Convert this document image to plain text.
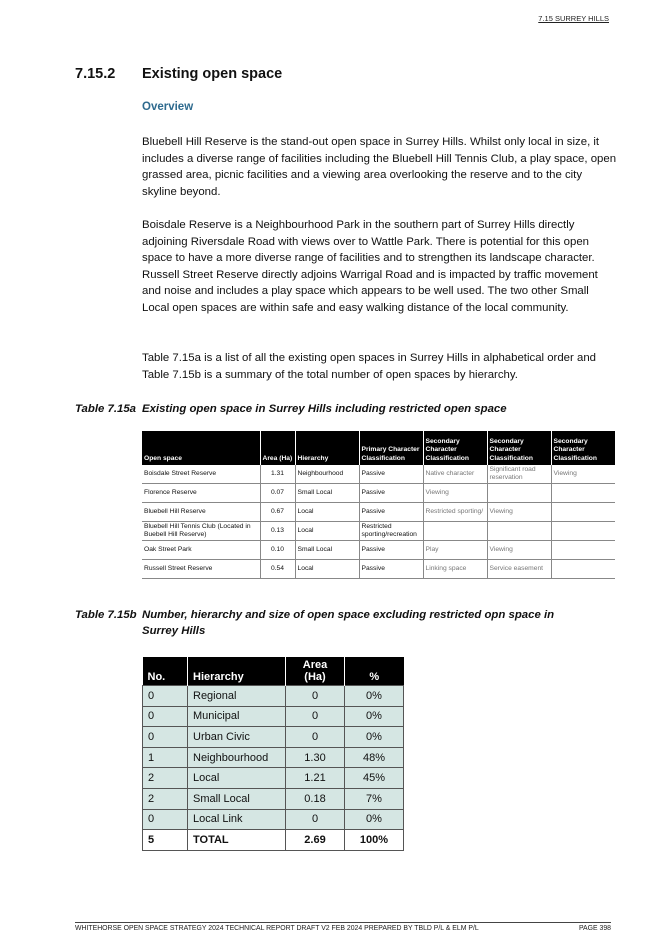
7.15 SURREY HILLS
7.15.2 Existing open space
Overview

Bluebell Hill Reserve is the stand-out open space in Surrey Hills. Whilst only local in size, it includes a diverse range of facilities including the Bluebell Hill Tennis Club, a play space, open grassed area, picnic facilities and a viewing area overlooking the reserve and to the city skyline beyond.

Boisdale Reserve is a Neighbourhood Park in the southern part of Surrey Hills directly adjoining Riversdale Road with views over to Wattle Park. There is potential for this open space to have a more diverse range of facilities and to strengthen its landscape character. Russell Street Reserve directly adjoins Warrigal Road and is impacted by traffic movement and noise and includes a play space which appears to be well used. The two other Small Local open spaces are within safe and easy walking distance of the local community.

Table 7.15a is a list of all the existing open spaces in Surrey Hills in alphabetical order and Table 7.15b is a summary of the total number of open spaces by hierarchy.

Table 7.15a Existing open space in Surrey Hills including restricted open space
Open space	Area (Ha)	Hierarchy	Primary Character Classification	Secondary Character Classification	Secondary Character Classification	Secondary Character Classification
Boisdale Street Reserve	1.31	Neighbourhood	Passive	Native character	Significant road reservation	Viewing
Florence Reserve	0.07	Small Local	Passive	Viewing		
Bluebell Hill Reserve	0.67	Local	Passive	Restricted sporting/	Viewing	
Bluebell Hill Tennis Club (Located in Buebell Hill Reserve)	0.13	Local	Restricted sporting/recreation			
Oak Street Park	0.10	Small Local	Passive	Play	Viewing	
Russell Street Reserve	0.54	Local	Passive	Linking space	Service easement	
Table 7.15b Number, hierarchy and size of open space excluding restricted opn space in Surrey Hills
No.	Hierarchy	Area (Ha)	%
0	Regional	0	0%
0	Municipal	0	0%
0	Urban Civic	0	0%
1	Neighbourhood	1.30	48%
2	Local	1.21	45%
2	Small Local	0.18	7%
0	Local Link	0	0%
5	TOTAL	2.69	100%
WHITEHORSE OPEN SPACE STRATEGY 2024 TECHNICAL REPORT DRAFT V2 FEB 2024 PREPARED BY TBLD P/L & ELM P/L	PAGE 398
